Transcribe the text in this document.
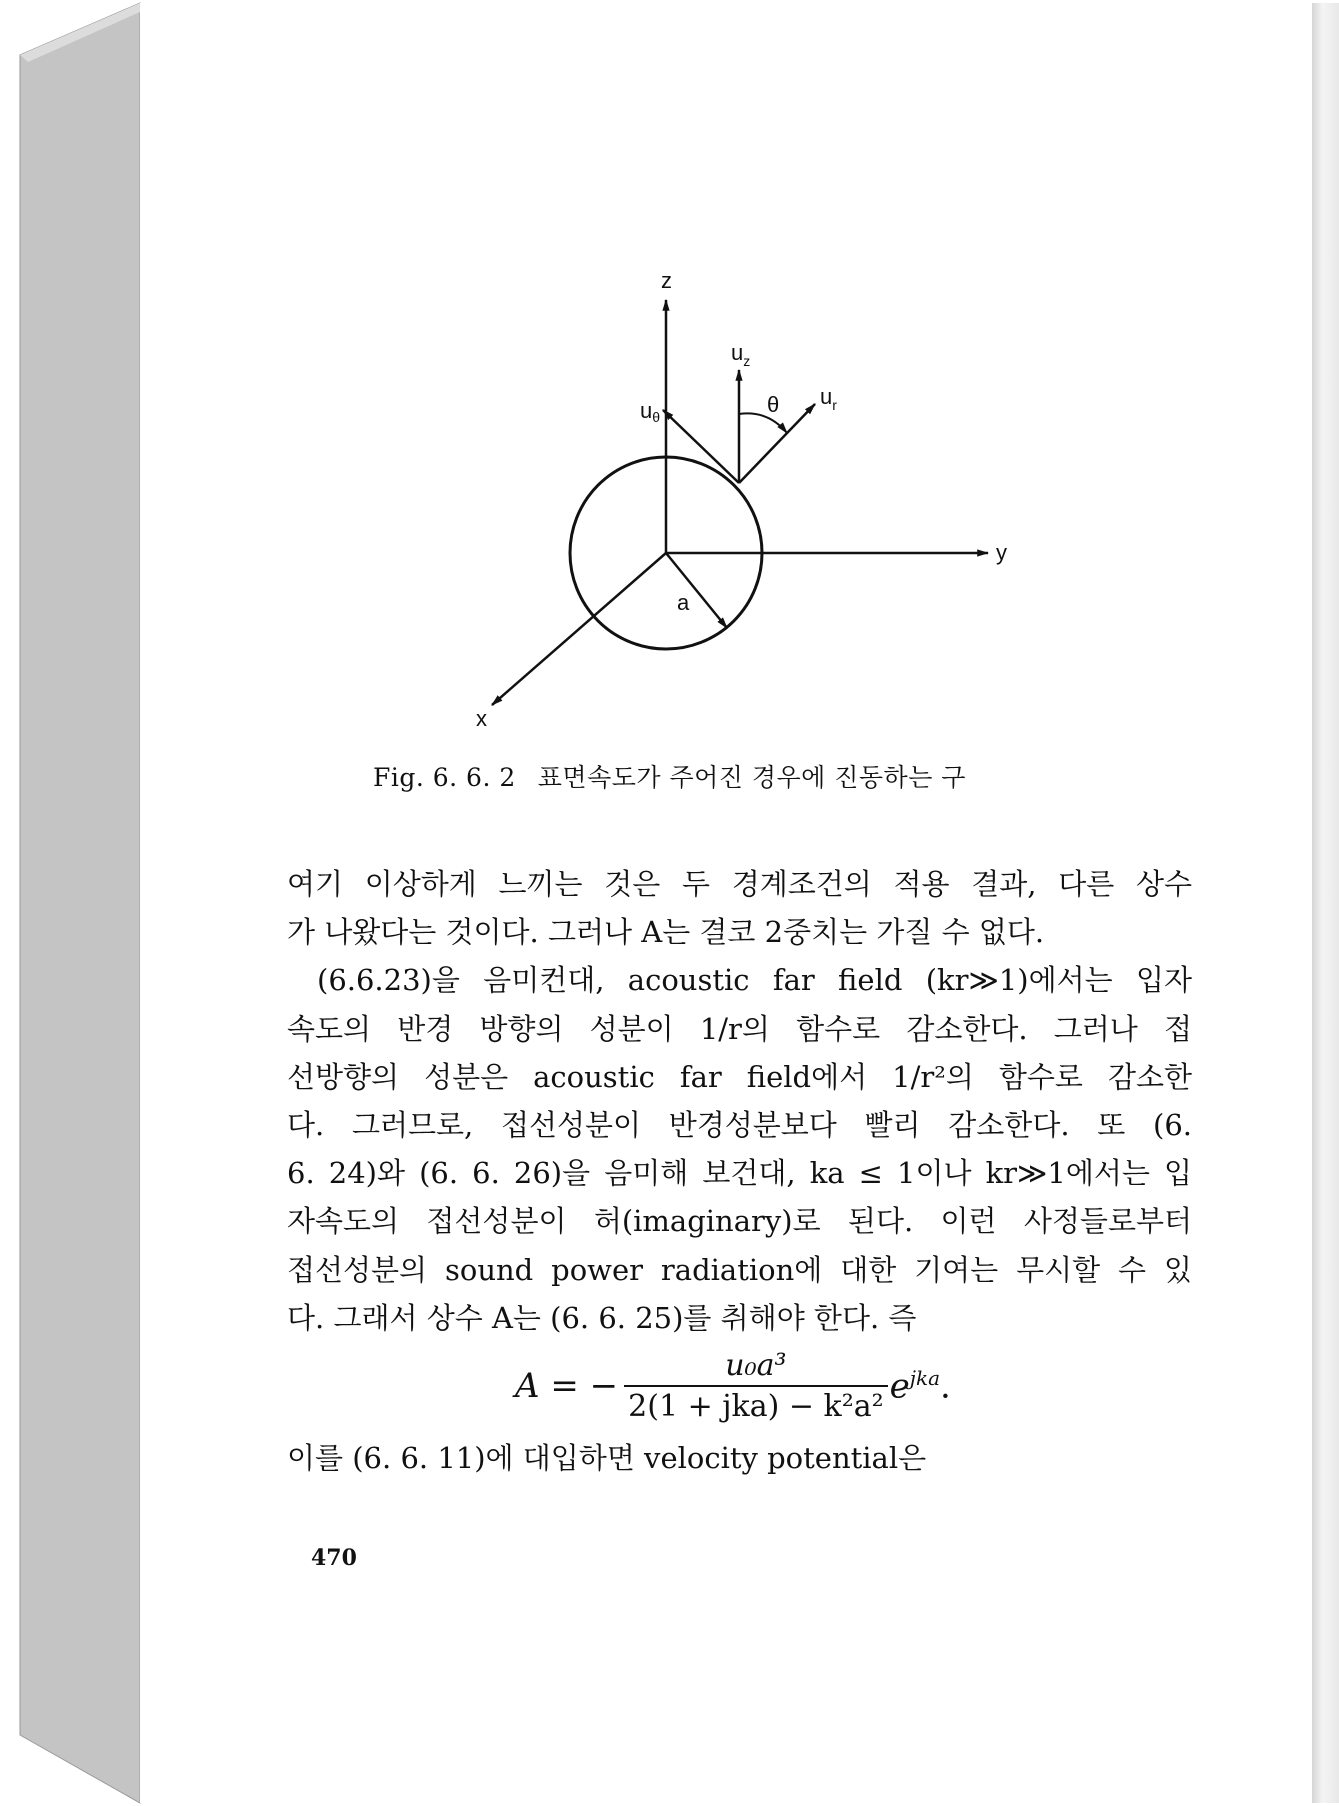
z
y
x
a
uθ
$u_z$
$u_r$
θ
Fig. 6. 6. 2 표면속도가 주어진 경우에 진동하는 구

여기 이상하게 느끼는 것은 두 경계조건의 적용 결과, 다른 상수

가 나왔다는 것이다. 그러나 A는 결코 2중치는 가질 수 없다.

(6.6.23)을 음미컨대, acoustic far field (kr≫1)에서는 입자

속도의 반경 방향의 성분이 1/r의 함수로 감소한다. 그러나 접

선방향의 성분은 acoustic far field에서 1/r²의 함수로 감소한

다. 그러므로, 접선성분이 반경성분보다 빨리 감소한다. 또 (6.

6. 24)와 (6. 6. 26)을 음미해 보건대, ka ≤ 1이나 kr≫1에서는 입

자속도의 접선성분이 허(imaginary)로 된다. 이런 사정들로부터

접선성분의 sound power radiation에 대한 기여는 무시할 수 있

다. 그래서 상수 A는 (6. 6. 25)를 취해야 한다. 즉

A = −
u₀a³
2(1 + jka) − k²a²
$e^{jka}$.
이를 (6. 6. 11)에 대입하면 velocity potential은
470
